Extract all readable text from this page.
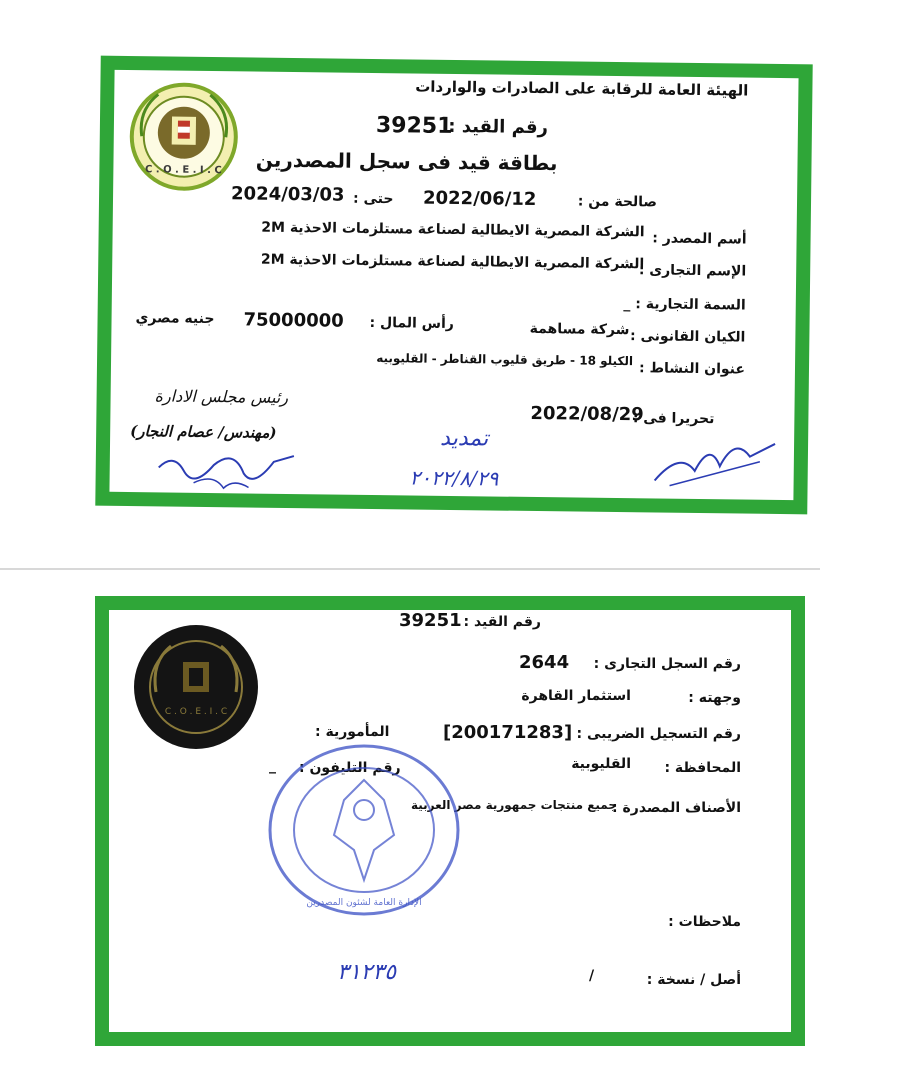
C . O . E . I . C
الهيئة العامة للرقابة على الصادرات والواردات
رقم القيد :
39251
بطاقة قيد فى سجل المصدرين
صالحة من :
2022/06/12
حتى :
2024/03/03
أسم المصدر :
الشركة المصرية الايطالية لصناعة مستلزمات الاحذية 2M
الإسم التجارى :
الشركة المصرية الايطالية لصناعة مستلزمات الاحذية 2M
السمة التجارية : _
الكيان القانونى :
شركة مساهمة
رأس المال :
75000000
جنيه مصري
عنوان النشاط :
الكيلو 18 - طريق قليوب القناطر - القليوبيه
رئيس مجلس الادارة
(مهندس/ عصام النجار)
تحريرا فى :
2022/08/29
تمديد
٢٠٢٢/٨/٢٩
C . O . E . I . C
رقم القيد :
39251
رقم السجل التجارى :
2644
وجهته :
استثمار القاهرة
رقم التسجيل الضريبى :
[200171283]
المأمورية :
المحافظة :
القليوبية
رقم التليفون :
_
الأصناف المصدرة :
جميع منتجات جمهورية مصر العربية
الإدارة العامة لشئون المصدرين
٣١٢٣٥
ملاحظات :
أصل / نسخة :
/
